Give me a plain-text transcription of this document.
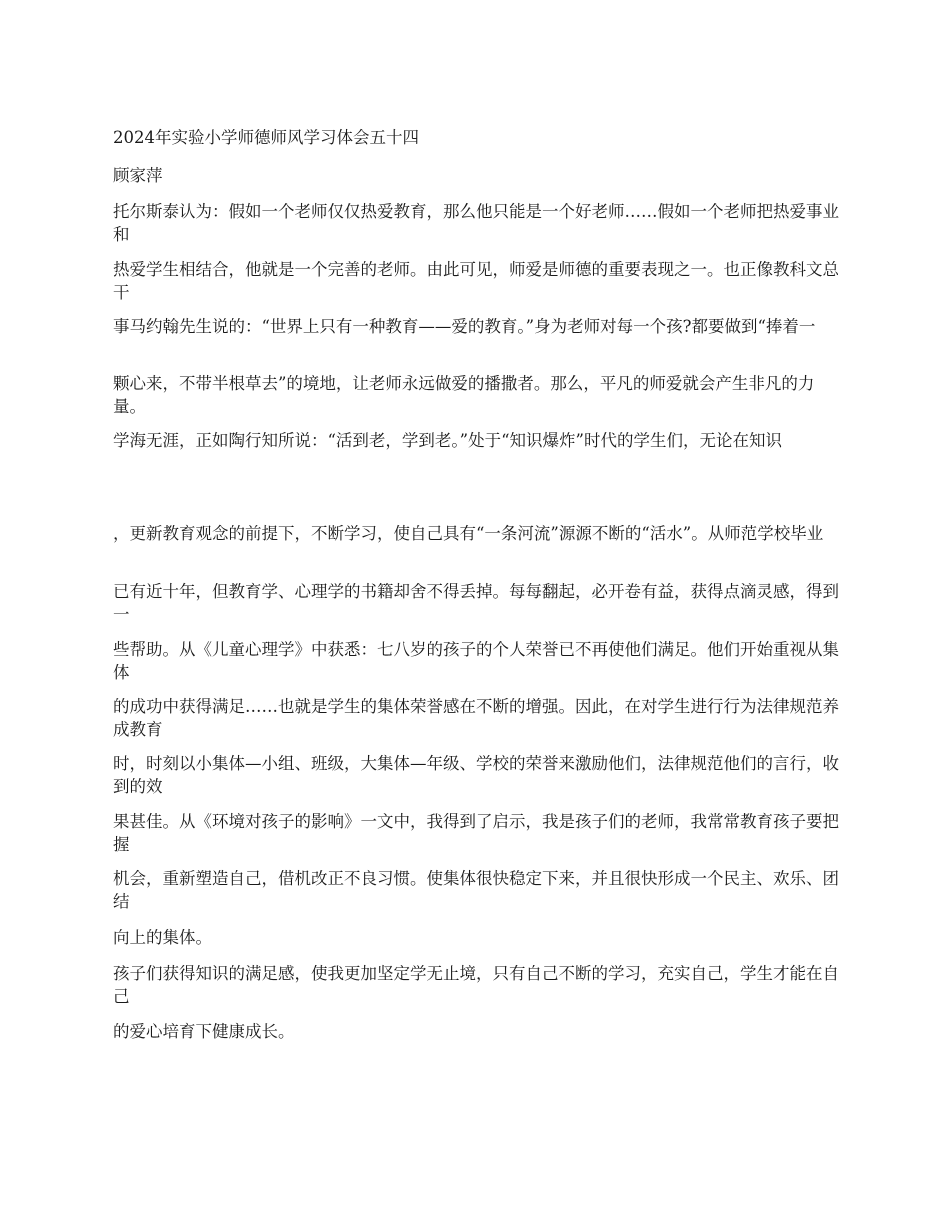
2024年实验小学师德师风学习体会五十四
顾家萍
托尔斯泰认为：假如一个老师仅仅热爱教育，那么他只能是一个好老师……假如一个老师把热爱事业和
热爱学生相结合，他就是一个完善的老师。由此可见，师爱是师德的重要表现之一。也正像教科文总干
事马约翰先生说的：“世界上只有一种教育——爱的教育。”身为老师对每一个孩?都要做到“捧着一
颗心来，不带半根草去”的境地，让老师永远做爱的播撒者。那么，平凡的师爱就会产生非凡的力量。
学海无涯，正如陶行知所说：“活到老，学到老。”处于“知识爆炸”时代的学生们，无论在知识
，更新教育观念的前提下，不断学习，使自己具有“一条河流”源源不断的“活水”。从师范学校毕业
已有近十年，但教育学、心理学的书籍却舍不得丢掉。每每翻起，必开卷有益，获得点滴灵感，得到一
些帮助。从《儿童心理学》中获悉：七八岁的孩子的个人荣誉已不再使他们满足。他们开始重视从集体
的成功中获得满足……也就是学生的集体荣誉感在不断的增强。因此，在对学生进行行为法律规范养成教育
时，时刻以小集体—小组、班级，大集体—年级、学校的荣誉来激励他们，法律规范他们的言行，收到的效
果甚佳。从《环境对孩子的影响》一文中，我得到了启示，我是孩子们的老师，我常常教育孩子要把握
机会，重新塑造自己，借机改正不良习惯。使集体很快稳定下来，并且很快形成一个民主、欢乐、团结
向上的集体。
孩子们获得知识的满足感，使我更加坚定学无止境，只有自己不断的学习，充实自己，学生才能在自己
的爱心培育下健康成长。
